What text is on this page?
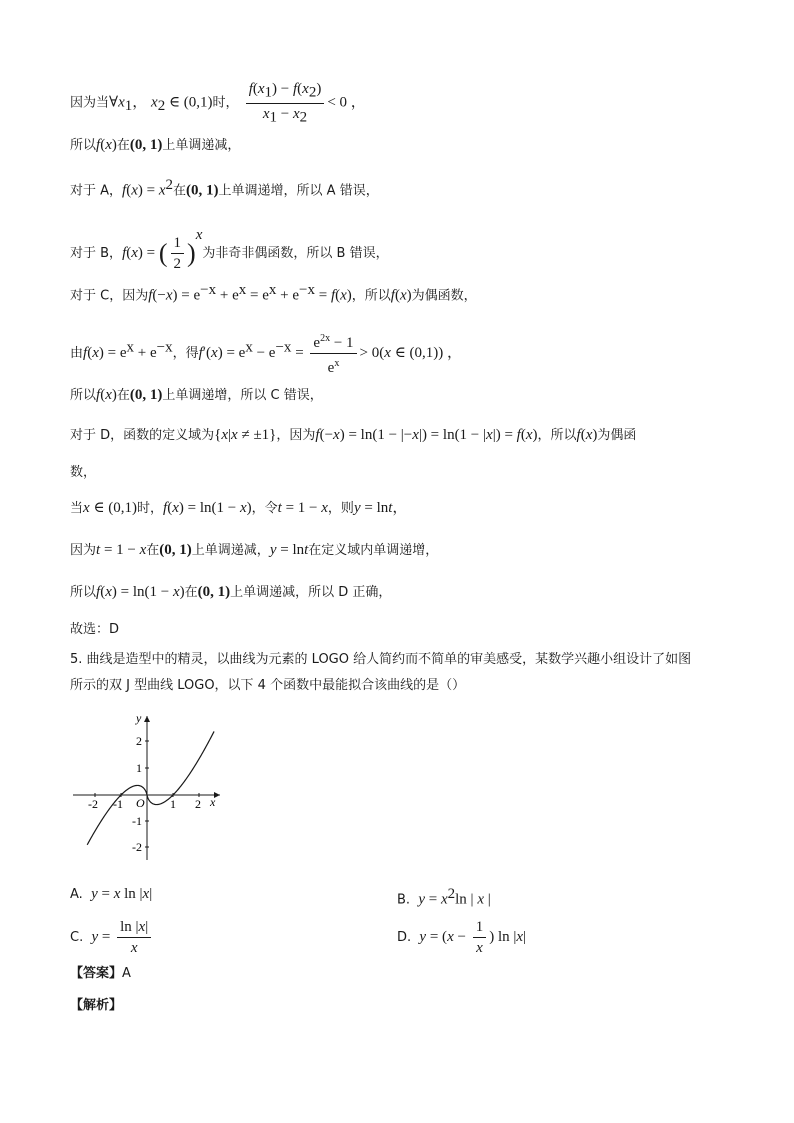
因为当$\forall x_1$， $x_2$ ∈ (0,1)时， $\frac{f(x_1) - f(x_2)}{x_1 - x_2} < 0$ ，
所以f(x)在(0, 1)上单调递减，
对于 A，$f(x) = x^2$在(0, 1)上单调递增，所以 A 错误，
对于 B，f(x) = ( $\frac{1}{2} )^x$为非奇非偶函数，所以 B 错误，
对于 C，因为$f(-x) = e^{-x} + e^x = e^x + e^{-x} = f(x)$，所以f(x)为偶函数，
由$f(x) = e^x + e^{-x}$，得$f'(x) = e^x - e^{-x} = \frac{e^{2x} - 1}{e^x} > 0(x$ ∈ (0,1)) ，
所以f(x)在(0, 1)上单调递增，所以 C 错误，
对于 D，函数的定义域为{x|x ≠ ±1}，因为f(−x) = ln(1 − |−x|) = ln(1 − |x|) = f(x)，所以f(x)为偶函
数，
当x ∈ (0,1)时，f(x) = ln(1 − x)，令t = 1 − x，则y = lnt，
因为t = 1 − x在(0, 1)上单调递减，y = lnt在定义域内单调递增，
所以f(x) = ln(1 − x)在(0, 1)上单调递减，所以 D 正确，
故选：D
5. 曲线是造型中的精灵，以曲线为元素的 LOGO 给人简约而不简单的审美感受，某数学兴趣小组设计了如图
所示的双 J 型曲线 LOGO，以下 4 个函数中最能拟合该曲线的是（）
-2 -1	1 2
2
1
-1
-2
O	x
y
A. y = x ln |x|	B. $y = x^2\ln$ | x |
C. $y = \frac{\ln |x|}{x}$	D. $y = (x - \frac{1}{x}$ ) ln |x|
【答案】A
【解析】
